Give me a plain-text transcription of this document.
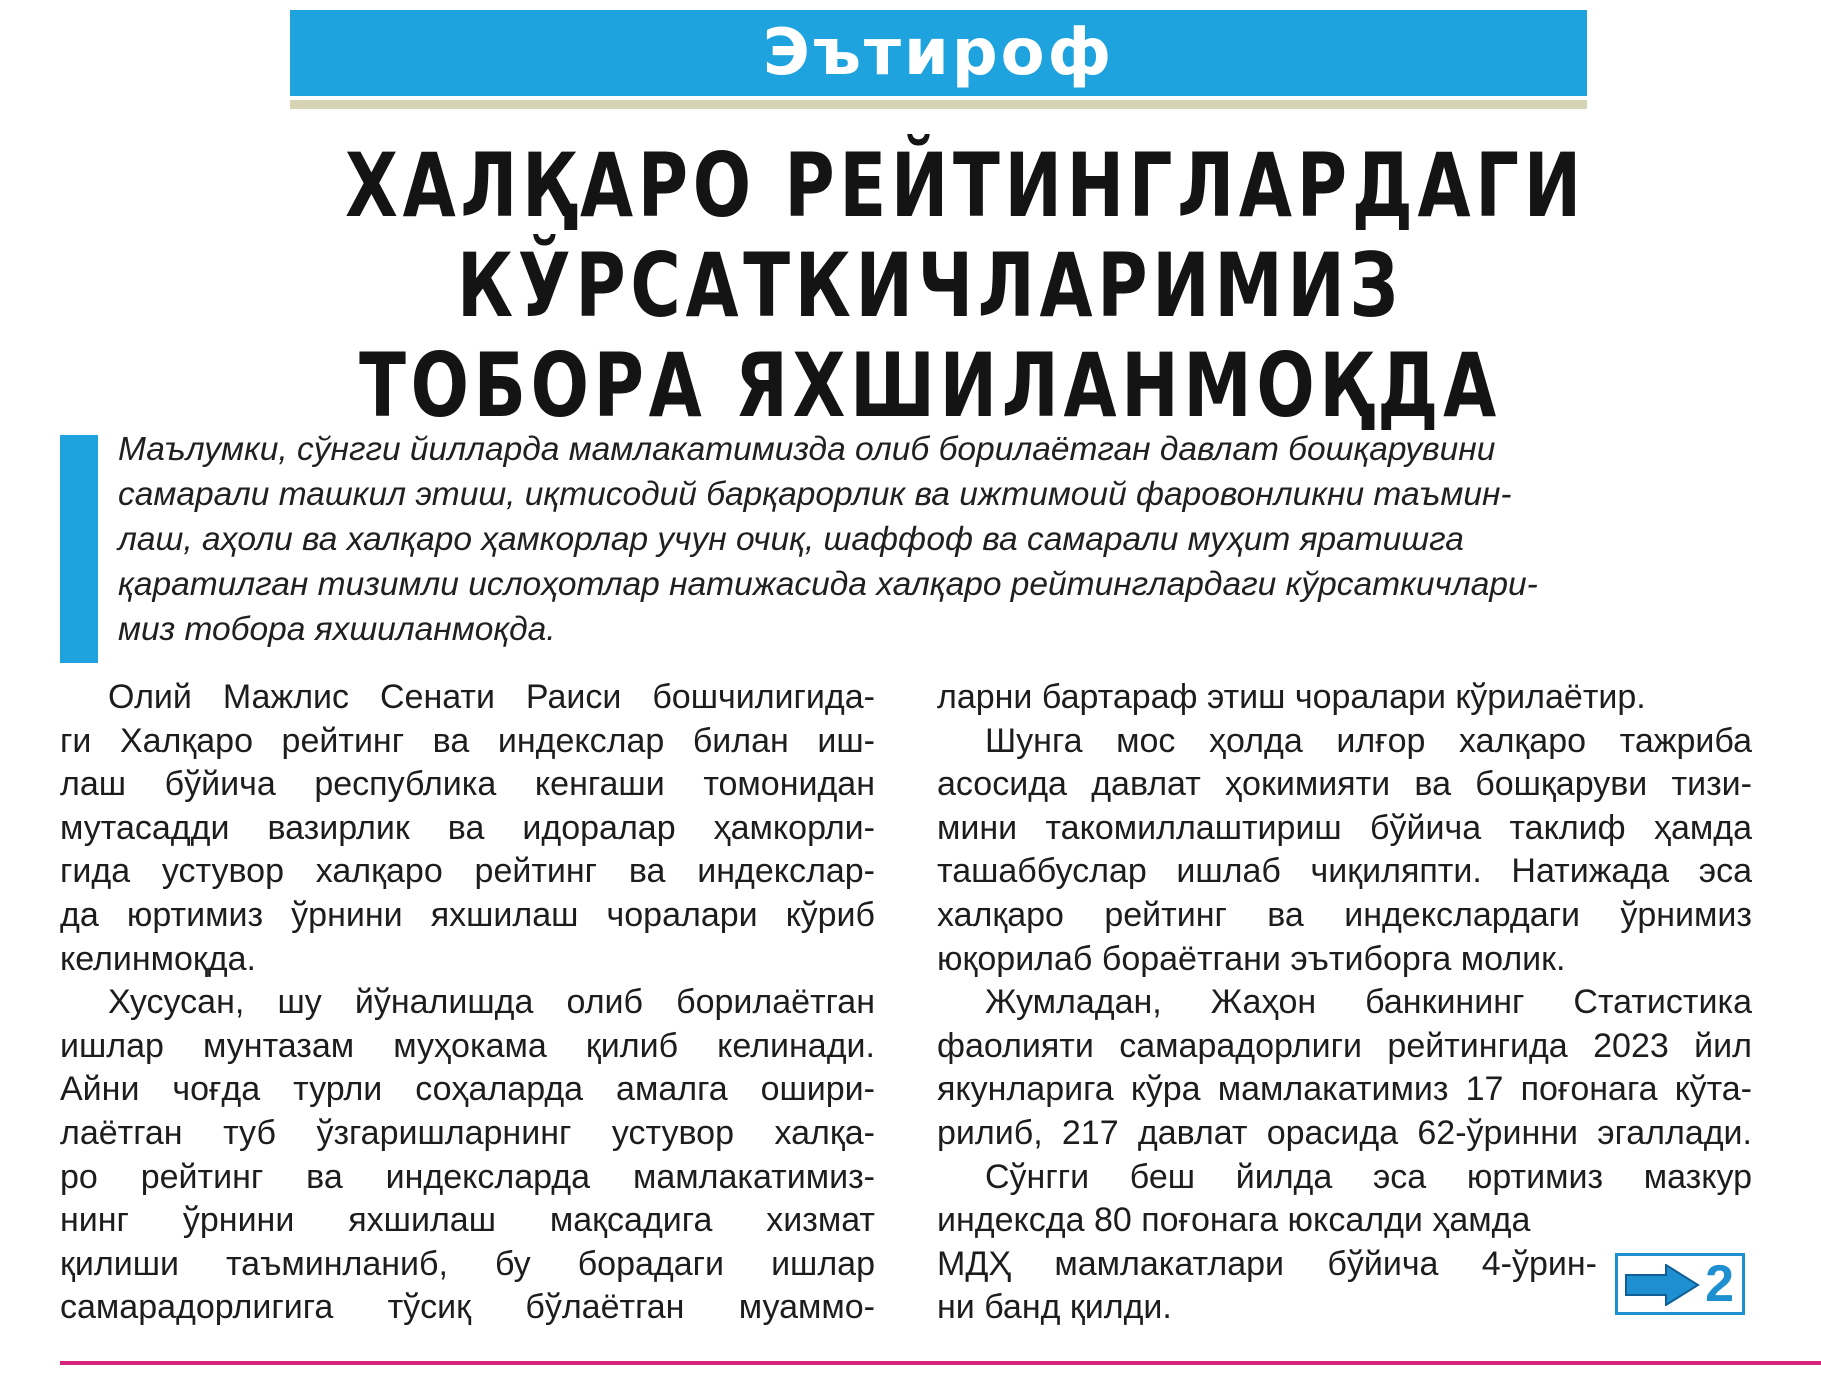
Эътироф
ХАЛҚАРО РЕЙТИНГЛАРДАГИ
КЎРСАТКИЧЛАРИМИЗ
ТОБОРА ЯХШИЛАНМОҚДА
Маълумки, сўнгги йилларда мамлакатимизда олиб борилаётган давлат бошқарувини
самарали ташкил этиш, иқтисодий барқарорлик ва ижтимоий фаровонликни таъмин-
лаш, аҳоли ва халқаро ҳамкорлар учун очиқ, шаффоф ва самарали муҳит яратишга
қаратилган тизимли ислоҳотлар натижасида халқаро рейтинглардаги кўрсаткичлари-
миз тобора яхшиланмоқда.
Олий Мажлис Сенати Раиси бошчилигида-
ги Халқаро рейтинг ва индекслар билан иш-
лаш бўйича республика кенгаши томонидан
мутасадди вазирлик ва идоралар ҳамкорли-
гида устувор халқаро рейтинг ва индекслар-
да юртимиз ўрнини яхшилаш чоралари кўриб
келинмоқда.
Хусусан, шу йўналишда олиб борилаётган
ишлар мунтазам муҳокама қилиб келинади.
Айни чоғда турли соҳаларда амалга ошири-
лаётган туб ўзгаришларнинг устувор халқа-
ро рейтинг ва индексларда мамлакатимиз-
нинг ўрнини яхшилаш мақсадига хизмат
қилиши таъминланиб, бу борадаги ишлар
самарадорлигига тўсиқ бўлаётган муаммо-
ларни бартараф этиш чоралари кўрилаётир.
Шунга мос ҳолда илғор халқаро тажриба
асосида давлат ҳокимияти ва бошқаруви тизи-
мини такомиллаштириш бўйича таклиф ҳамда
ташаббуслар ишлаб чиқиляпти. Натижада эса
халқаро рейтинг ва индекслардаги ўрнимиз
юқорилаб бораётгани эътиборга молик.
Жумладан, Жаҳон банкининг Статистика
фаолияти самарадорлиги рейтингида 2023 йил
якунларига кўра мамлакатимиз 17 поғонага кўта-
рилиб, 217 давлат орасида 62-ўринни эгаллади.
Сўнгги беш йилда эса юртимиз мазкур
индексда 80 поғонага юксалди ҳамда
МДҲ мамлакатлари бўйича 4-ўрин-
ни банд қилди.	2
